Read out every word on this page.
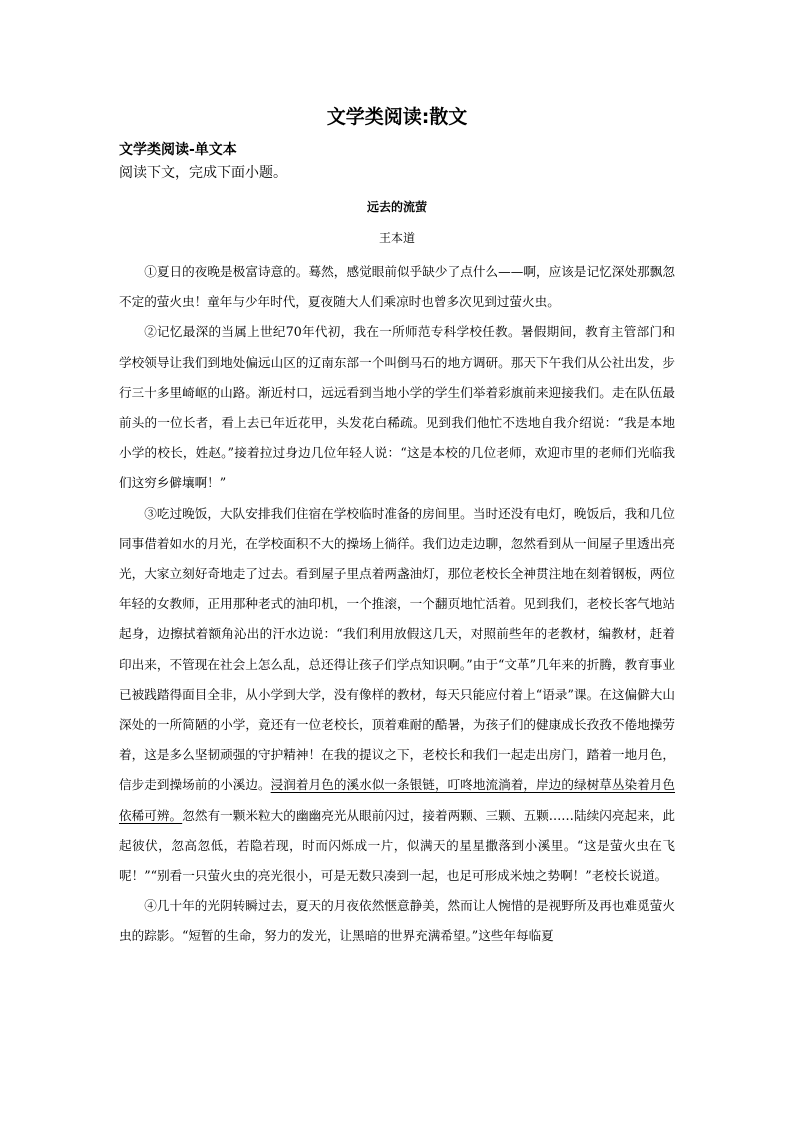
文学类阅读:散文

文学类阅读-单文本

阅读下文，完成下面小题。

远去的流萤

王本道

①夏日的夜晚是极富诗意的。蓦然，感觉眼前似乎缺少了点什么——啊，应该是记忆深处那飘忽不定的萤火虫！童年与少年时代，夏夜随大人们乘凉时也曾多次见到过萤火虫。

②记忆最深的当属上世纪70年代初，我在一所师范专科学校任教。暑假期间，教育主管部门和学校领导让我们到地处偏远山区的辽南东部一个叫倒马石的地方调研。那天下午我们从公社出发，步行三十多里崎岖的山路。渐近村口，远远看到当地小学的学生们举着彩旗前来迎接我们。走在队伍最前头的一位长者，看上去已年近花甲，头发花白稀疏。见到我们他忙不迭地自我介绍说：“我是本地小学的校长，姓赵。”接着拉过身边几位年轻人说：“这是本校的几位老师，欢迎市里的老师们光临我们这穷乡僻壤啊！”

③吃过晚饭，大队安排我们住宿在学校临时准备的房间里。当时还没有电灯，晚饭后，我和几位同事借着如水的月光，在学校面积不大的操场上徜徉。我们边走边聊，忽然看到从一间屋子里透出亮光，大家立刻好奇地走了过去。看到屋子里点着两盏油灯，那位老校长全神贯注地在刻着钢板，两位年轻的女教师，正用那种老式的油印机，一个推滚，一个翻页地忙活着。见到我们，老校长客气地站起身，边擦拭着额角沁出的汗水边说：“我们利用放假这几天，对照前些年的老教材，编教材，赶着印出来，不管现在社会上怎么乱，总还得让孩子们学点知识啊。”由于“文革”几年来的折腾，教育事业已被践踏得面目全非，从小学到大学，没有像样的教材，每天只能应付着上“语录”课。在这偏僻大山深处的一所简陋的小学，竟还有一位老校长，顶着难耐的酷暑，为孩子们的健康成长孜孜不倦地操劳着，这是多么坚韧顽强的守护精神！在我的提议之下，老校长和我们一起走出房门，踏着一地月色，信步走到操场前的小溪边。浸润着月色的溪水似一条银链，叮咚地流淌着，岸边的绿树草丛染着月色依稀可辨。忽然有一颗米粒大的幽幽亮光从眼前闪过，接着两颗、三颗、五颗……陆续闪亮起来，此起彼伏，忽高忽低，若隐若现，时而闪烁成一片，似满天的星星撒落到小溪里。“这是萤火虫在飞呢！”“别看一只萤火虫的亮光很小，可是无数只凑到一起，也足可形成米烛之势啊！”老校长说道。

④几十年的光阴转瞬过去，夏天的月夜依然惬意静美，然而让人惋惜的是视野所及再也难觅萤火虫的踪影。“短暂的生命，努力的发光，让黑暗的世界充满希望。”这些年每临夏
